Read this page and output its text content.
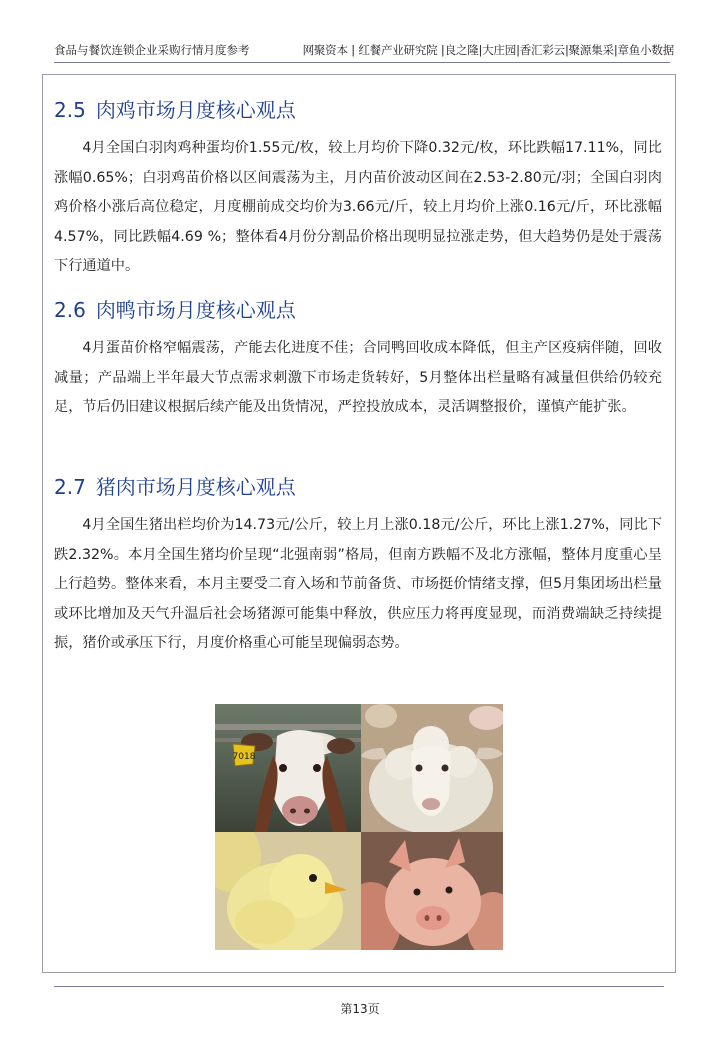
食品与餐饮连锁企业采购行情月度参考	网聚资本 | 红餐产业研究院 |良之隆|大庄园|香汇彩云|聚源集采|章鱼小数据
2.5 肉鸡市场月度核心观点

4月全国白羽肉鸡种蛋均价1.55元/枚，较上月均价下降0.32元/枚，环比跌幅17.11%，同比涨幅0.65%；白羽鸡苗价格以区间震荡为主，月内苗价波动区间在2.53-2.80元/羽；全国白羽肉鸡价格小涨后高位稳定，月度棚前成交均价为3.66元/斤，较上月均价上涨0.16元/斤，环比涨幅4.57%，同比跌幅4.69 %；整体看4月份分割品价格出现明显拉涨走势，但大趋势仍是处于震荡下行通道中。

2.6 肉鸭市场月度核心观点

4月蛋苗价格窄幅震荡，产能去化进度不佳；合同鸭回收成本降低，但主产区疫病伴随，回收减量；产品端上半年最大节点需求刺激下市场走货转好，5月整体出栏量略有减量但供给仍较充足，节后仍旧建议根据后续产能及出货情况，严控投放成本，灵活调整报价，谨慎产能扩张。

2.7 猪肉市场月度核心观点

4月全国生猪出栏均价为14.73元/公斤，较上月上涨0.18元/公斤，环比上涨1.27%，同比下跌2.32%。本月全国生猪均价呈现“北强南弱”格局，但南方跌幅不及北方涨幅，整体月度重心呈上行趋势。整体来看，本月主要受二育入场和节前备货、市场挺价情绪支撑，但5月集团场出栏量或环比增加及天气升温后社会场猪源可能集中释放，供应压力将再度显现，而消费端缺乏持续提振，猪价或承压下行，月度价格重心可能呈现偏弱态势。

7018
第13页
